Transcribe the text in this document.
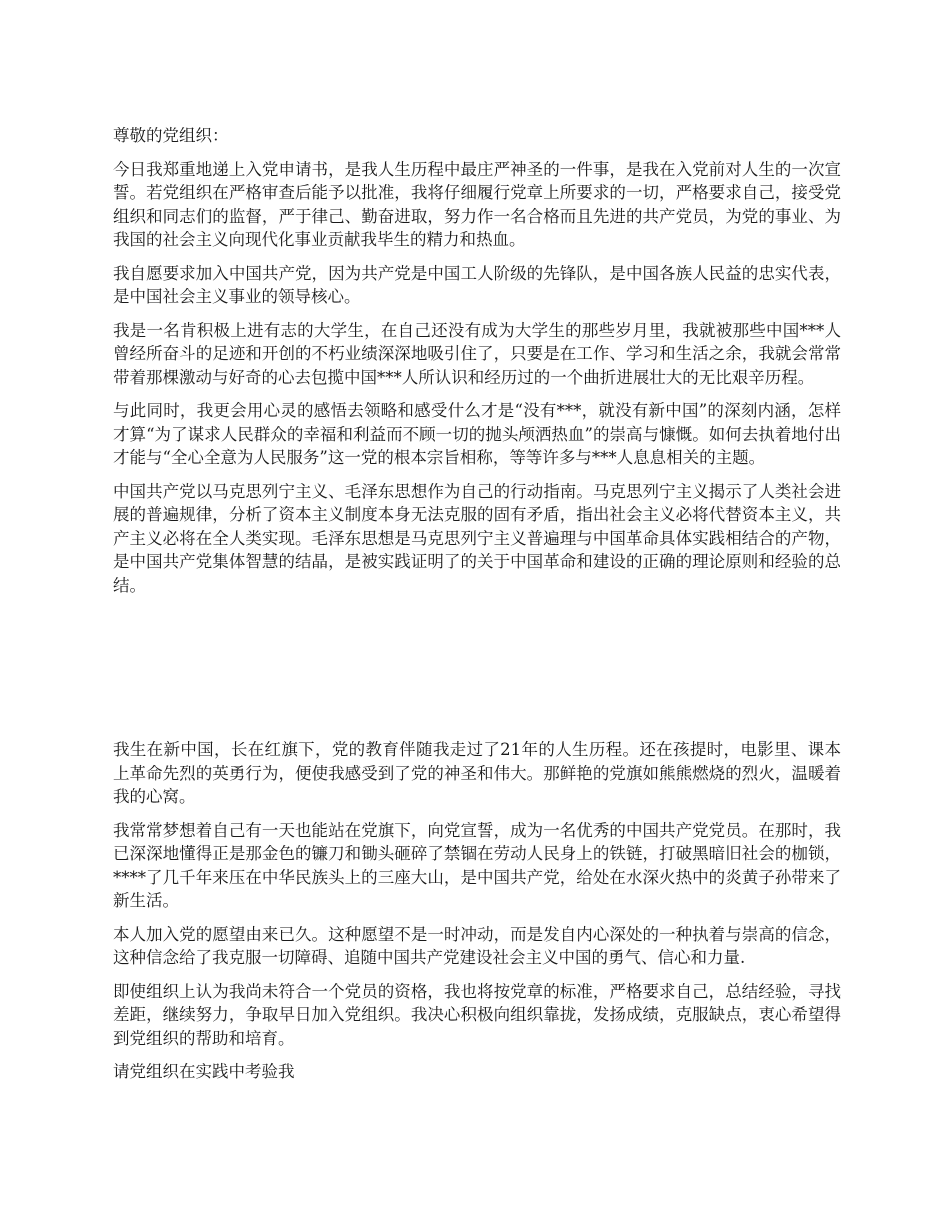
尊敬的党组织：

今日我郑重地递上入党申请书，是我人生历程中最庄严神圣的一件事，是我在入党前对人生的一次宣誓。若党组织在严格审查后能予以批准，我将仔细履行党章上所要求的一切，严格要求自己，接受党组织和同志们的监督，严于律己、勤奋进取，努力作一名合格而且先进的共产党员，为党的事业、为我国的社会主义向现代化事业贡献我毕生的精力和热血。

我自愿要求加入中国共产党，因为共产党是中国工人阶级的先锋队，是中国各族人民益的忠实代表，是中国社会主义事业的领导核心。

我是一名肯积极上进有志的大学生，在自己还没有成为大学生的那些岁月里，我就被那些中国***人曾经所奋斗的足迹和开创的不朽业绩深深地吸引住了，只要是在工作、学习和生活之余，我就会常常带着那棵激动与好奇的心去包揽中国***人所认识和经历过的一个曲折进展壮大的无比艰辛历程。

与此同时，我更会用心灵的感悟去领略和感受什么才是“没有***，就没有新中国”的深刻内涵，怎样才算“为了谋求人民群众的幸福和利益而不顾一切的抛头颅洒热血”的崇高与慷慨。如何去执着地付出才能与“全心全意为人民服务”这一党的根本宗旨相称，等等许多与***人息息相关的主题。

中国共产党以马克思列宁主义、毛泽东思想作为自己的行动指南。马克思列宁主义揭示了人类社会进展的普遍规律，分析了资本主义制度本身无法克服的固有矛盾，指出社会主义必将代替资本主义，共产主义必将在全人类实现。毛泽东思想是马克思列宁主义普遍理与中国革命具体实践相结合的产物，是中国共产党集体智慧的结晶，是被实践证明了的关于中国革命和建设的正确的理论原则和经验的总结。

我生在新中国，长在红旗下，党的教育伴随我走过了21年的人生历程。还在孩提时，电影里、课本上革命先烈的英勇行为，便使我感受到了党的神圣和伟大。那鲜艳的党旗如熊熊燃烧的烈火，温暖着我的心窝。

我常常梦想着自己有一天也能站在党旗下，向党宣誓，成为一名优秀的中国共产党党员。在那时，我已深深地懂得正是那金色的镰刀和锄头砸碎了禁锢在劳动人民身上的铁链，打破黑暗旧社会的枷锁，****了几千年来压在中华民族头上的三座大山，是中国共产党，给处在水深火热中的炎黄子孙带来了新生活。

本人加入党的愿望由来已久。这种愿望不是一时冲动，而是发自内心深处的一种执着与崇高的信念，这种信念给了我克服一切障碍、追随中国共产党建设社会主义中国的勇气、信心和力量.

即使组织上认为我尚未符合一个党员的资格，我也将按党章的标准，严格要求自己，总结经验，寻找差距，继续努力，争取早日加入党组织。我决心积极向组织靠拢，发扬成绩，克服缺点，衷心希望得到党组织的帮助和培育。

请党组织在实践中考验我
